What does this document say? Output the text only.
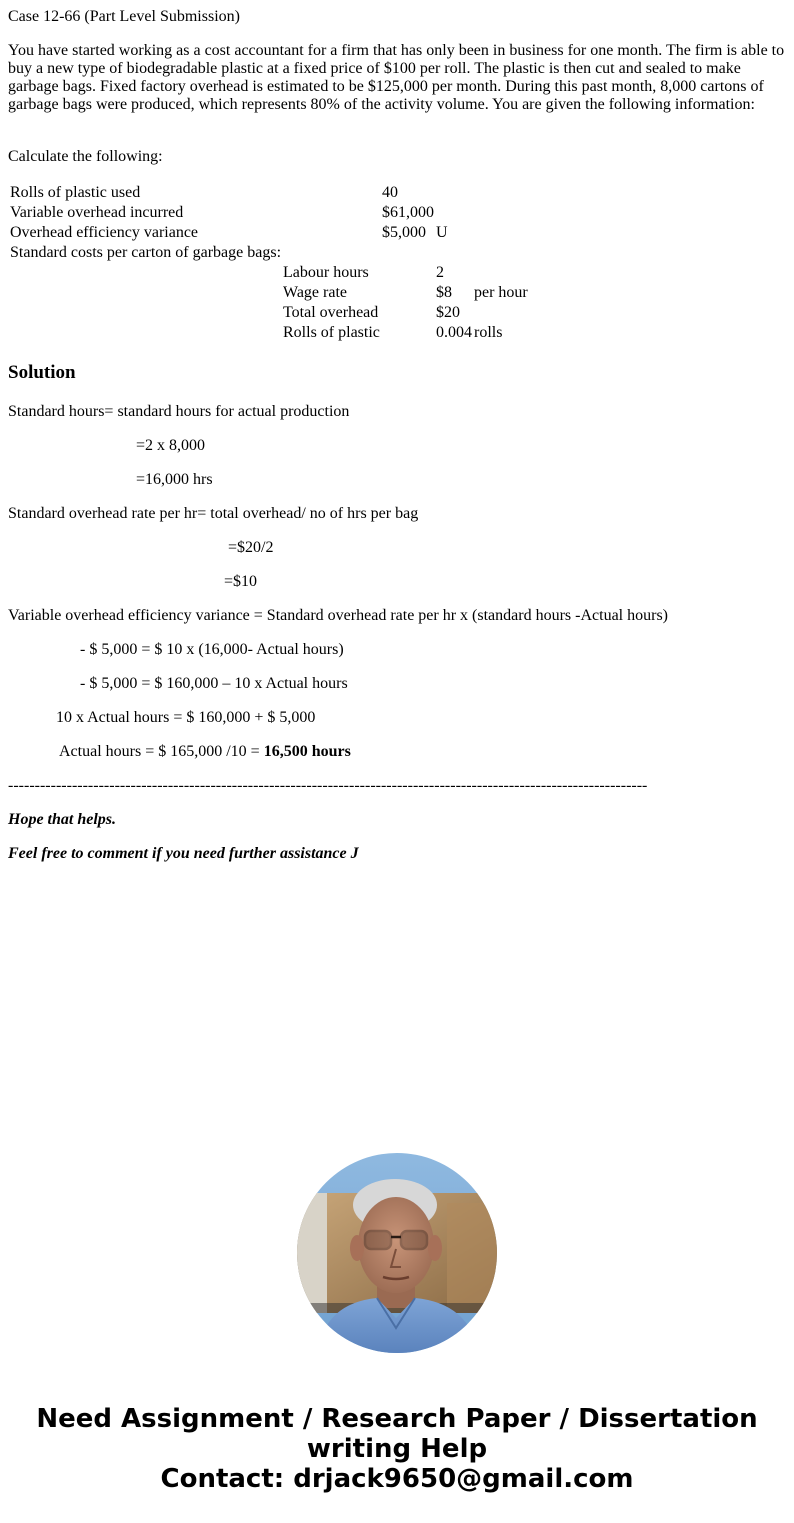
Case 12-66 (Part Level Submission)
You have started working as a cost accountant for a firm that has only been in business for one month. The firm is able to buy a new type of biodegradable plastic at a fixed price of $100 per roll. The plastic is then cut and sealed to make garbage bags. Fixed factory overhead is estimated to be $125,000 per month. During this past month, 8,000 cartons of garbage bags were produced, which represents 80% of the activity volume. You are given the following information:
Calculate the following:
Rolls of plastic used	40
Variable overhead incurred	$61,000
Overhead efficiency variance	$5,000 U
Standard costs per carton of garbage bags:
Labour hours	2
Wage rate	$8 per hour
Total overhead	$20
Rolls of plastic	0.004 rolls
Solution
Standard hours= standard hours for actual production
=2 x 8,000
=16,000 hrs
Standard overhead rate per hr= total overhead/ no of hrs per bag
=$20/2
=$10
Variable overhead efficiency variance = Standard overhead rate per hr x (standard hours -Actual hours)
- $ 5,000 = $ 10 x (16,000- Actual hours)
- $ 5,000 = $ 160,000 – 10 x Actual hours
10 x Actual hours = $ 160,000 + $ 5,000
Actual hours = $ 165,000 /10 = 16,500 hours
------------------------------------------------------------------------------------------------------------------------
Hope that helps.
Feel free to comment if you need further assistance J
Need Assignment / Research Paper / Dissertation
writing Help
Contact: drjack9650@gmail.com
